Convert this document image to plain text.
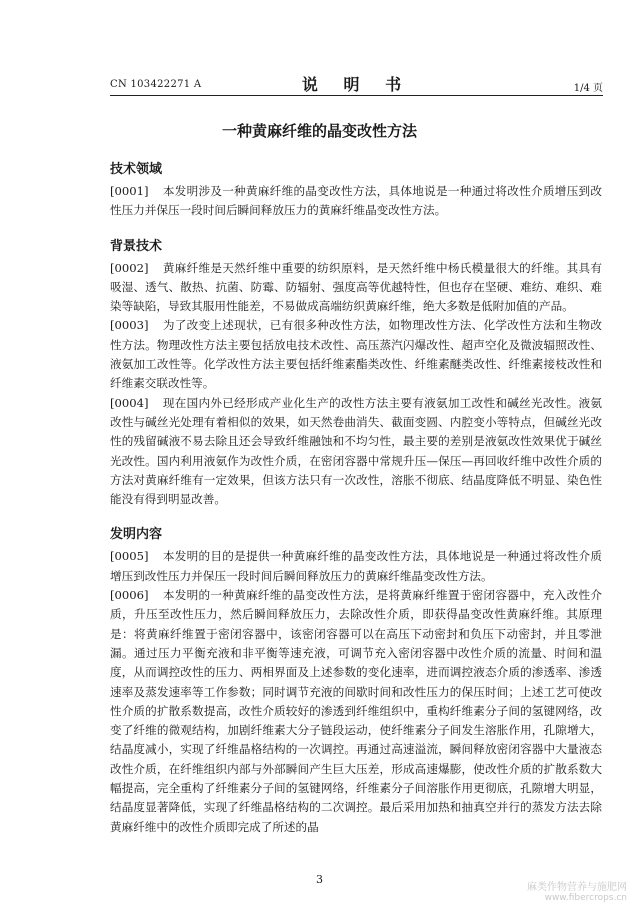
CN 103422271 A	说 明 书	1/4 页
一种黄麻纤维的晶变改性方法
技术领域
[0001] 本发明涉及一种黄麻纤维的晶变改性方法，具体地说是一种通过将改性介质增压到改性压力并保压一段时间后瞬间释放压力的黄麻纤维晶变改性方法。
背景技术
[0002] 黄麻纤维是天然纤维中重要的纺织原料，是天然纤维中杨氏模量很大的纤维。其具有吸湿、透气、散热、抗菌、防霉、防辐射、强度高等优越特性，但也存在坚硬、难纺、难织、难染等缺陷，导致其服用性能差，不易做成高端纺织黄麻纤维，绝大多数是低附加值的产品。
[0003] 为了改变上述现状，已有很多种改性方法，如物理改性方法、化学改性方法和生物改性方法。物理改性方法主要包括放电技术改性、高压蒸汽闪爆改性、超声空化及微波辐照改性、液氨加工改性等。化学改性方法主要包括纤维素酯类改性、纤维素醚类改性、纤维素接枝改性和纤维素交联改性等。
[0004] 现在国内外已经形成产业化生产的改性方法主要有液氨加工改性和碱丝光改性。液氨改性与碱丝光处理有着相似的效果，如天然卷曲消失、截面变圆、内腔变小等特点，但碱丝光改性的残留碱液不易去除且还会导致纤维融蚀和不均匀性，最主要的差别是液氨改性效果优于碱丝光改性。国内利用液氨作为改性介质，在密闭容器中常规升压—保压—再回收纤维中改性介质的方法对黄麻纤维有一定效果，但该方法只有一次改性，溶胀不彻底、结晶度降低不明显、染色性能没有得到明显改善。
发明内容
[0005] 本发明的目的是提供一种黄麻纤维的晶变改性方法，具体地说是一种通过将改性介质增压到改性压力并保压一段时间后瞬间释放压力的黄麻纤维晶变改性方法。
[0006] 本发明的一种黄麻纤维的晶变改性方法，是将黄麻纤维置于密闭容器中，充入改性介质，升压至改性压力，然后瞬间释放压力，去除改性介质，即获得晶变改性黄麻纤维。其原理是：将黄麻纤维置于密闭容器中，该密闭容器可以在高压下动密封和负压下动密封，并且零泄漏。通过压力平衡充液和非平衡等速充液，可调节充入密闭容器中改性介质的流量、时间和温度，从而调控改性的压力、两相界面及上述参数的变化速率，进而调控液态介质的渗透率、渗透速率及蒸发速率等工作参数；同时调节充液的间歇时间和改性压力的保压时间；上述工艺可使改性介质的扩散系数提高，改性介质较好的渗透到纤维组织中，重构纤维素分子间的氢键网络，改变了纤维的微观结构，加剧纤维素大分子链段运动，使纤维素分子间发生溶胀作用，孔隙增大，结晶度减小，实现了纤维晶格结构的一次调控。再通过高速溢流，瞬间释放密闭容器中大量液态改性介质，在纤维组织内部与外部瞬间产生巨大压差，形成高速爆膨，使改性介质的扩散系数大幅提高，完全重构了纤维素分子间的氢键网络，纤维素分子间溶胀作用更彻底，孔隙增大明显，结晶度显著降低，实现了纤维晶格结构的二次调控。最后采用加热和抽真空并行的蒸发方法去除黄麻纤维中的改性介质即完成了所述的晶
3
麻类作物营养与施肥网
www.fibercrops.cn
